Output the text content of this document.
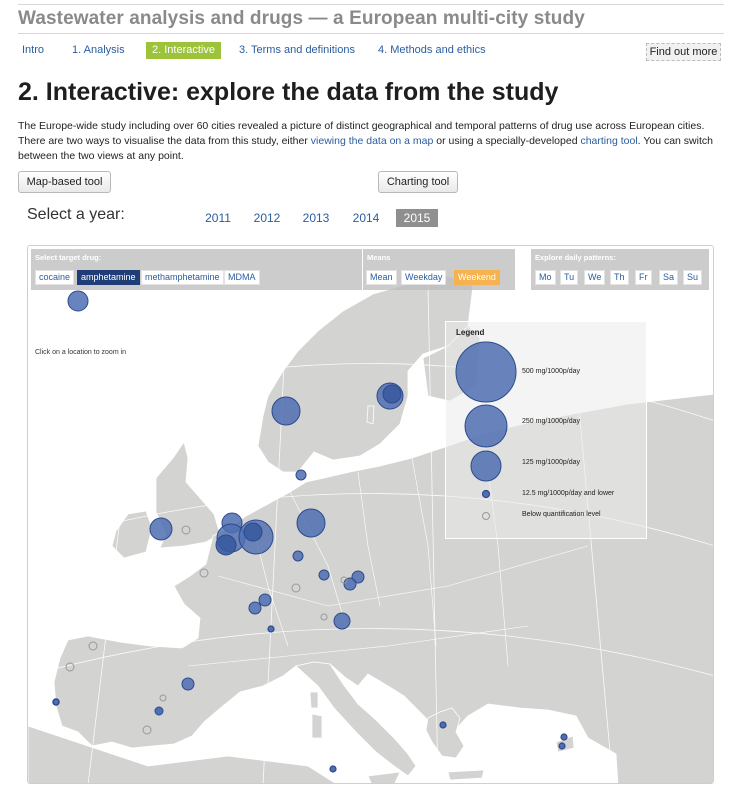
Wastewater analysis and drugs — a European multi-city study
Intro	1. Analysis	2. Interactive	3. Terms and definitions	4. Methods and ethics	Find out more
2. Interactive: explore the data from the study

The Europe-wide study including over 60 cities revealed a picture of distinct geographical and temporal patterns of drug use across European cities. There are two ways to visualise the data from this study, either viewing the data on a map or using a specially-developed charting tool. You can switch between the two views at any point.

Map-based tool	Charting tool
Select a year:	2011	2012	2013	2014	2015
Select target drug:
cocaine	amphetamine	methamphetamine MDMA
Means
Mean	Weekday	Weekend
Explore daily patterns:
Mo	Tu	We	Th	Fr	Sa	Su
Click on a location to zoom in
Legend
500 mg/1000p/day
250 mg/1000p/day
125 mg/1000p/day
12.5 mg/1000p/day and lower
Below quantification level
